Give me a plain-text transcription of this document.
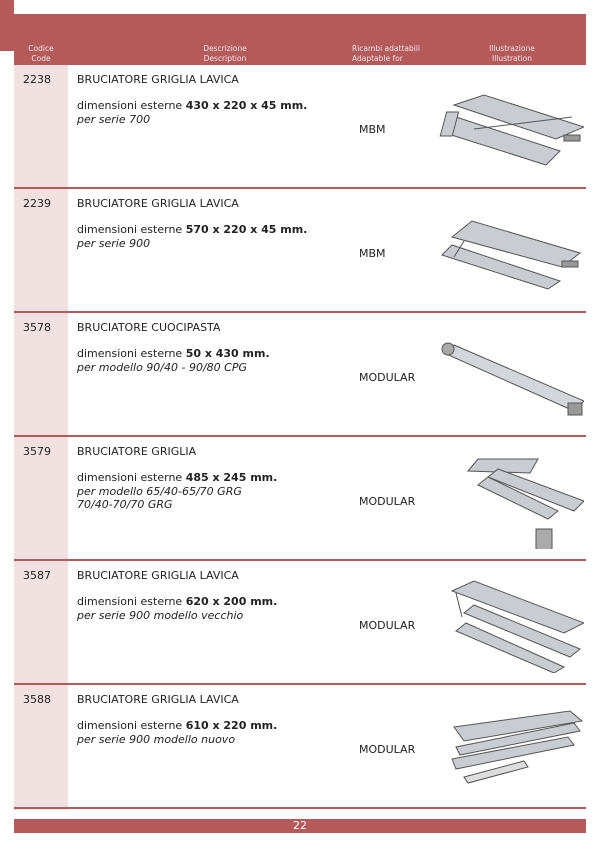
Codice
Code
Descrizione
Description
Ricambi adattabili
Adaptable for
Illustrazione
Illustration
2238 BRUCIATORE GRIGLIA LAVICA
dimensioni esterne 430 x 220 x 45 mm.
per serie 700
MBM
2239 BRUCIATORE GRIGLIA LAVICA
dimensioni esterne 570 x 220 x 45 mm.
per serie 900
MBM
3578 BRUCIATORE CUOCIPASTA
dimensioni esterne 50 x 430 mm.
per modello 90/40 - 90/80 CPG
MODULAR
3579 BRUCIATORE GRIGLIA
dimensioni esterne 485 x 245 mm.
per modello 65/40-65/70 GRG
70/40-70/70 GRG	MODULAR
3587 BRUCIATORE GRIGLIA LAVICA
dimensioni esterne 620 x 200 mm.
per serie 900 modello vecchio
MODULAR
3588 BRUCIATORE GRIGLIA LAVICA
dimensioni esterne 610 x 220 mm.
per serie 900 modello nuovo
MODULAR
22
